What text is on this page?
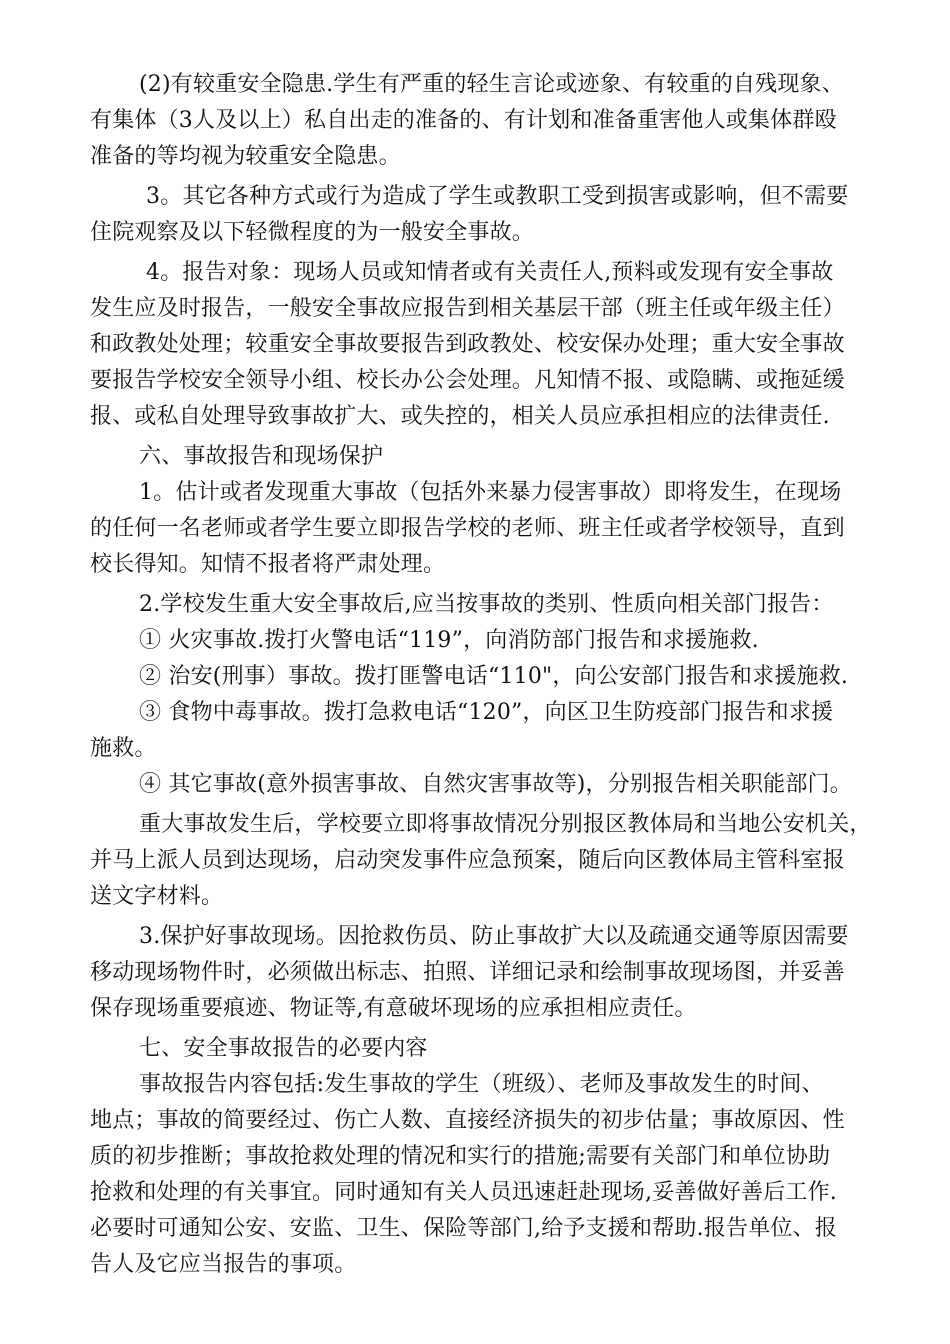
(2)有较重安全隐患.学生有严重的轻生言论或迹象、有较重的自残现象、
有集体（3人及以上）私自出走的准备的、有计划和准备重害他人或集体群殴
准备的等均视为较重安全隐患。
3。其它各种方式或行为造成了学生或教职工受到损害或影响，但不需要
住院观察及以下轻微程度的为一般安全事故。
4。报告对象：现场人员或知情者或有关责任人,预料或发现有安全事故
发生应及时报告，一般安全事故应报告到相关基层干部（班主任或年级主任）
和政教处处理；较重安全事故要报告到政教处、校安保办处理；重大安全事故
要报告学校安全领导小组、校长办公会处理。凡知情不报、或隐瞒、或拖延缓
报、或私自处理导致事故扩大、或失控的，相关人员应承担相应的法律责任.
六、事故报告和现场保护
1。估计或者发现重大事故（包括外来暴力侵害事故）即将发生，在现场
的任何一名老师或者学生要立即报告学校的老师、班主任或者学校领导，直到
校长得知。知情不报者将严肃处理。
2.学校发生重大安全事故后,应当按事故的类别、性质向相关部门报告：
① 火灾事故.拨打火警电话“119”，向消防部门报告和求援施救.
② 治安(刑事）事故。拨打匪警电话“110"，向公安部门报告和求援施救.
③ 食物中毒事故。拨打急救电话“120”，向区卫生防疫部门报告和求援
施救。
④ 其它事故(意外损害事故、自然灾害事故等)，分别报告相关职能部门。
重大事故发生后，学校要立即将事故情况分别报区教体局和当地公安机关，
并马上派人员到达现场，启动突发事件应急预案，随后向区教体局主管科室报
送文字材料。
3.保护好事故现场。因抢救伤员、防止事故扩大以及疏通交通等原因需要
移动现场物件时，必须做出标志、拍照、详细记录和绘制事故现场图，并妥善
保存现场重要痕迹、物证等,有意破坏现场的应承担相应责任。
七、安全事故报告的必要内容
事故报告内容包括:发生事故的学生（班级）、老师及事故发生的时间、
地点；事故的简要经过、伤亡人数、直接经济损失的初步估量；事故原因、性
质的初步推断；事故抢救处理的情况和实行的措施;需要有关部门和单位协助
抢救和处理的有关事宜。同时通知有关人员迅速赶赴现场,妥善做好善后工作.
必要时可通知公安、安监、卫生、保险等部门,给予支援和帮助.报告单位、报
告人及它应当报告的事项。
